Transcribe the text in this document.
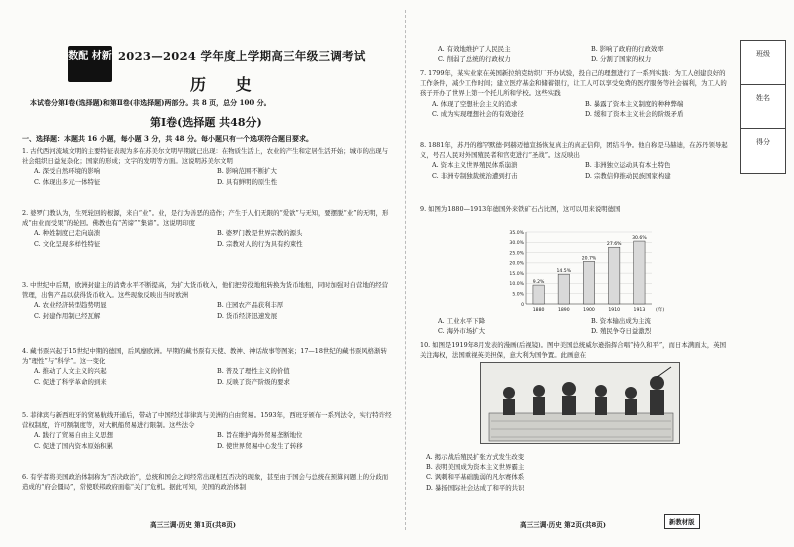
数配 材新 2023—2024 学年度上学期高三年级三调考试
历 史
本试卷分第Ⅰ卷(选择题)和第Ⅱ卷(非选择题)两部分。共 8 页，总分 100 分。
第Ⅰ卷(选择题 共48分)
一、选择题：本题共 16 小题，每小题 3 分，共 48 分。每小题只有一个选项符合题目要求。
1. 古代西河流域文明的主要特征表现为多在苏美尔文明早期就已出现：在物质生活上，农业的产生和定居生活开始；城市的出现与社会组织日益复杂化；国家的形成；文字的发明等方面。这说明苏美尔文明
A. 深受自然环境的影响	B. 影响范围不断扩大
C. 体现出多元一体特征	D. 具有鲜明的原生性
2. 婆罗门教认为，生死轮回的根源，来自“业”。业，是行为善恶的造作；产生于人们无限的“爱欲”与无知，要摆脱“业”的无明，形成“由业而受果”的轮回。佛教也有“苦谛”“集谛”。这说明印度
A. 种姓制度已走向崩溃	B. 婆罗门教是世界宗教的源头
C. 文化呈现多样性特征	D. 宗教对人的行为具有约束性
3. 中世纪中后期，欧洲封建主的消费水平不断提高，为扩大货币收入，他们把劳役地租转换为货币地租，同时加强对自营地的经营管理，出售产品以获得货币收入。这些现象反映出当时欧洲
A. 农业经济转型趋势明显	B. 庄园农产品获利丰厚
C. 封建作用制已经瓦解	D. 货币经济迅速发展
4. 藏书票兴起于15世纪中期的德国，后风靡欧洲。早期的藏书票有天使、教神、神话故事等图案；17—18世纪的藏书票风格渐转为“理性”与“科学”。这一变化
A. 推动了人文主义的兴起	B. 普及了理性主义的价值
C. 促进了科学革命的到来	D. 反映了资产阶级的要求
5. 菲律宾与新西班牙的贸易航线开通后，带动了中国经过菲律宾与美洲的自由贸易。1593年，西班牙颁布一系列法令，实行特许经营权制度，许可额制度等，对大帆船贸易进行限制。这些法令
A. 践行了贸易自由主义思想	B. 旨在维护海外贸易垄断地位
C. 促进了国内资本原始积累	D. 使世界贸易中心发生了转移
6. 有学者将美国政治体制称为“否决政治”，总统和国会之间经常出现相互否决的现象，甚至由于国会与总统在预算问题上的分歧而造成的“府会僵局”，常使联邦政府面临“关门”危机。据此可知，美国的政治体制
高三三调·历史 第1页(共8页)
A. 有效地维护了人民民主	B. 影响了政府的行政效率
C. 削弱了总统的行政权力	D. 分割了国家的权力
7. 1799年，某实业家在英国新拉纳克纺织厂开办试验，投自己的理想进行了一系列实践：为工人创建良好的工作条件，减少工作时间；建立医疗基金和储蓄银行，让工人可以享受免费的医疗服务等社会福利，为工人的孩子开办了世界上第一个托儿所和学校。这些实践
A. 体现了空想社会主义的追求	B. 暴露了资本主义制度的种种弊端
C. 成为实现理想社会的有效途径	D. 缓和了资本主义社会的阶级矛盾
8. 1881年，苏丹的穆罕默德·阿赫迈德宣扬恢复真主的真正信仰，团结斗争。他自称是马赫迪，在苏丹领导起义，号召人民对外国殖民者和官吏进行“圣战”。这反映出
A. 资本主义世界殖民体系崩溃	B. 非洲独立运动具有本土特色
C. 非洲专制独裁统治遭到打击	D. 宗教信仰推动民族国家构建
9. 如图为1880—1913年德国外来铁矿石占比图，这可以用来说明德国
35.0%
30.0%
25.0%
20.0%
15.0%
10.0%
5.0%
0
9.2%
1880
14.5%
1890
20.7%
1900
27.6%
1910
30.6%
1913 (年)
A. 工业水平下降	B. 资本输出成为主流
C. 海外市场扩大	D. 殖民争夺日益激烈
10. 如图是1919年8月发表的漫画(后视镜)。图中美国总统威尔逊指挥合唱“持久和平”，而日本满面太，英国关注海权，法国重视英美担保，意大利为国争置。此画意在
A. 揭示战后殖民扩张方式发生改变
B. 表明美国成为资本主义世界霸主
C. 讽刺和平基础脆弱的凡尔赛体系
D. 暴扬国际社会达成了和平的共识
高三三调·历史 第2页(共8页)	新教材版
班级
姓名
得分
